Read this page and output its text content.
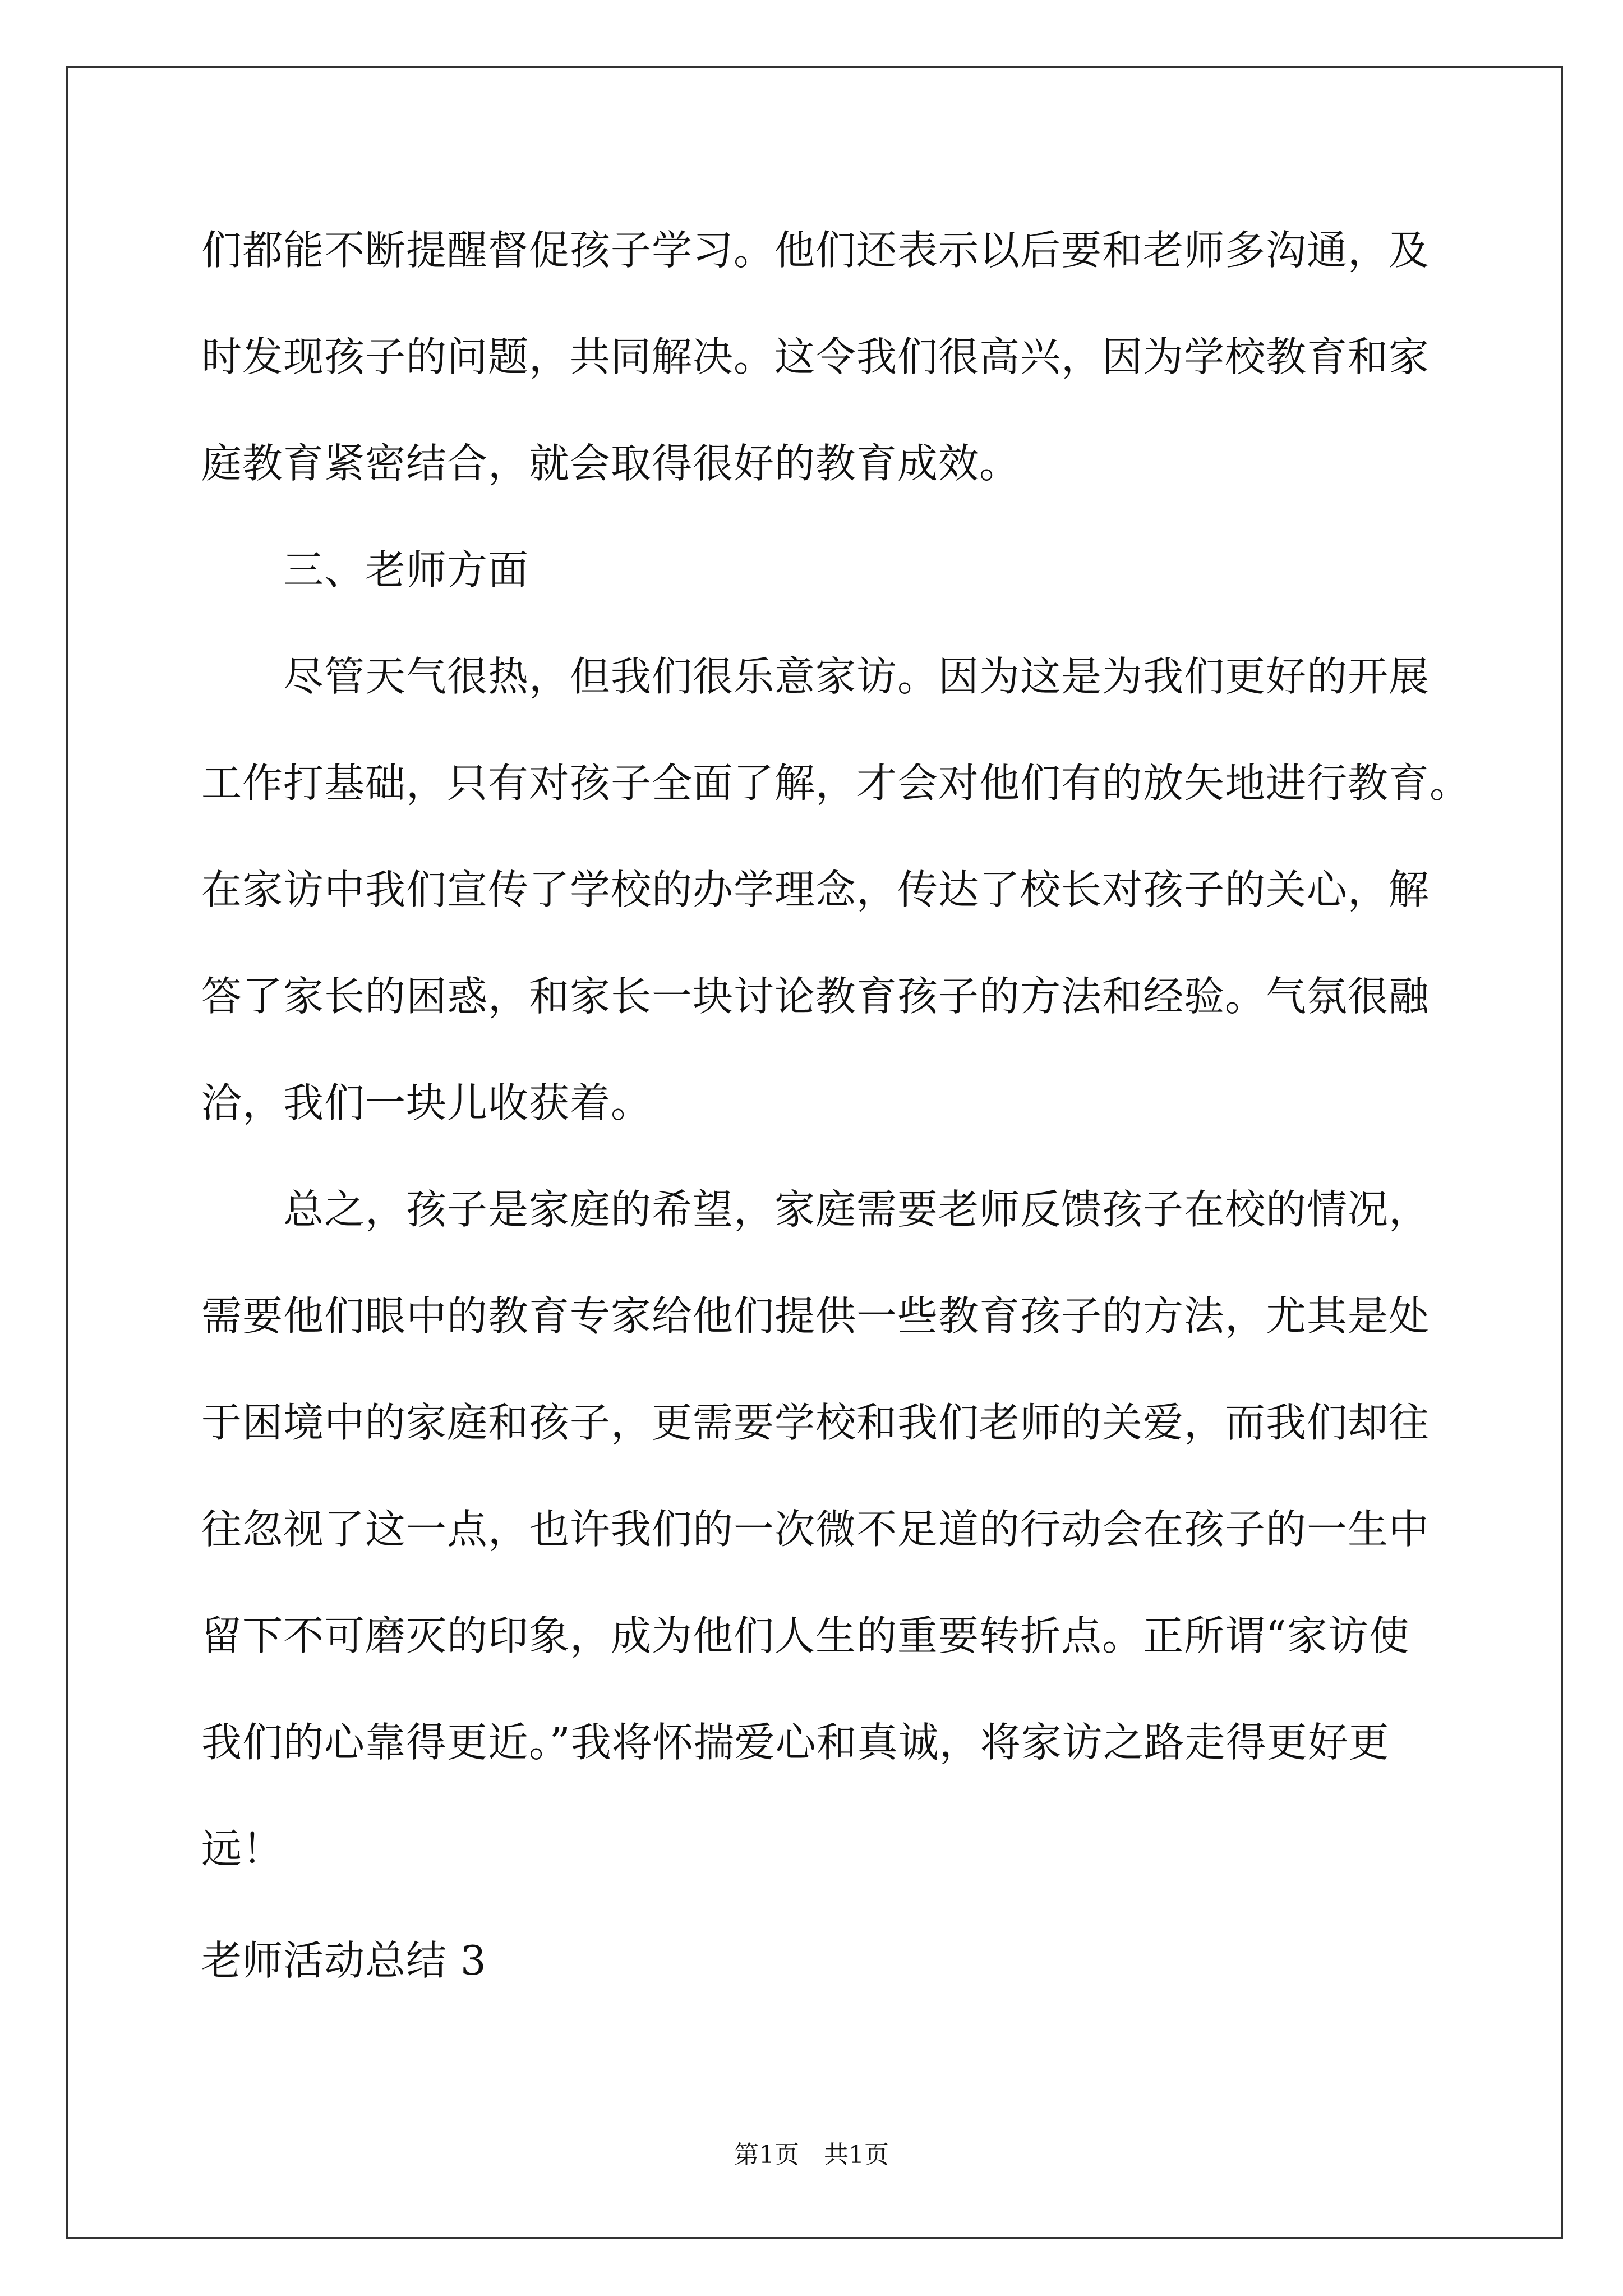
们都能不断提醒督促孩子学习。他们还表示以后要和老师多沟通，及
时发现孩子的问题，共同解决。这令我们很高兴，因为学校教育和家
庭教育紧密结合，就会取得很好的教育成效。
三、老师方面
尽管天气很热，但我们很乐意家访。因为这是为我们更好的开展
工作打基础，只有对孩子全面了解，才会对他们有的放矢地进行教育。
在家访中我们宣传了学校的办学理念，传达了校长对孩子的关心，解
答了家长的困惑，和家长一块讨论教育孩子的方法和经验。气氛很融
洽，我们一块儿收获着。
总之，孩子是家庭的希望，家庭需要老师反馈孩子在校的情况，
需要他们眼中的教育专家给他们提供一些教育孩子的方法，尤其是处
于困境中的家庭和孩子，更需要学校和我们老师的关爱，而我们却往
往忽视了这一点，也许我们的一次微不足道的行动会在孩子的一生中
留下不可磨灭的印象，成为他们人生的重要转折点。正所谓“家访使
我们的心靠得更近。”我将怀揣爱心和真诚，将家访之路走得更好更
远！
老师活动总结 3
第1页　共1页
